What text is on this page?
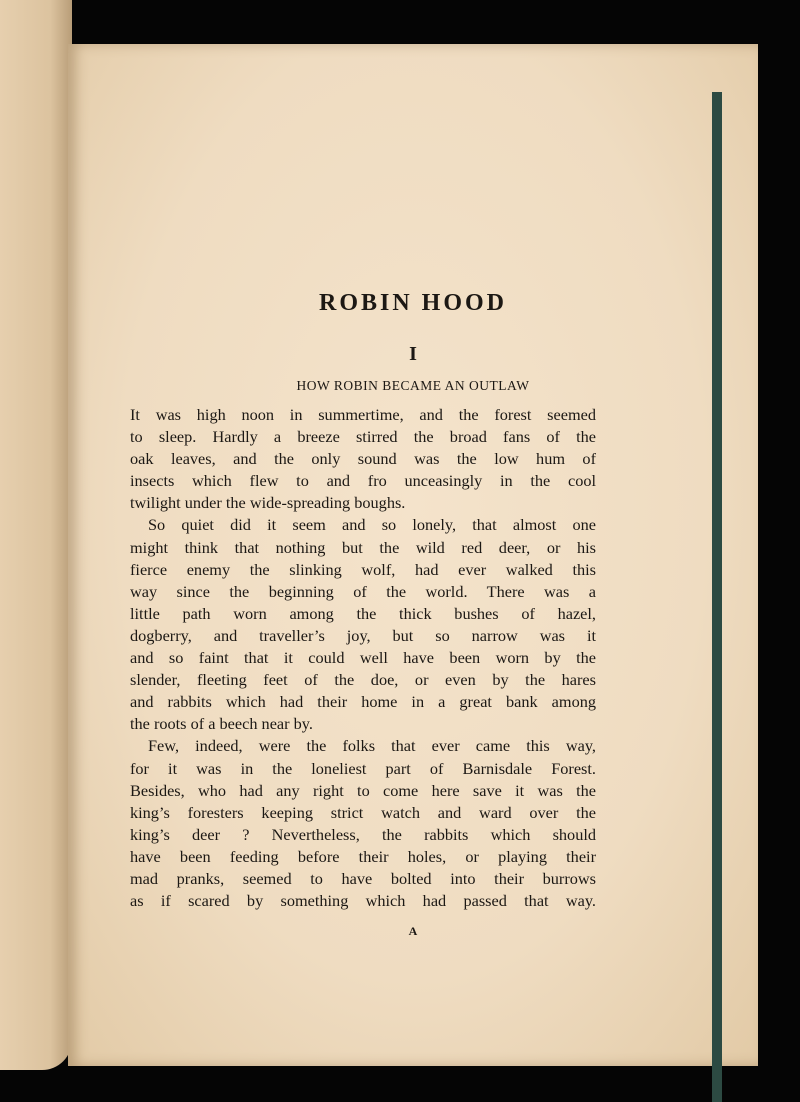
ROBIN HOOD
I
HOW ROBIN BECAME AN OUTLAW
It was high noon in summertime, and the forest seemed
to sleep. Hardly a breeze stirred the broad fans of the
oak leaves, and the only sound was the low hum of
insects which flew to and fro unceasingly in the cool
twilight under the wide-spreading boughs.
So quiet did it seem and so lonely, that almost one
might think that nothing but the wild red deer, or his
fierce enemy the slinking wolf, had ever walked this
way since the beginning of the world. There was a
little path worn among the thick bushes of hazel,
dogberry, and traveller’s joy, but so narrow was it
and so faint that it could well have been worn by the
slender, fleeting feet of the doe, or even by the hares
and rabbits which had their home in a great bank among
the roots of a beech near by.
Few, indeed, were the folks that ever came this way,
for it was in the loneliest part of Barnisdale Forest.
Besides, who had any right to come here save it was the
king’s foresters keeping strict watch and ward over the
king’s deer ? Nevertheless, the rabbits which should
have been feeding before their holes, or playing their
mad pranks, seemed to have bolted into their burrows
as if scared by something which had passed that way.
A
